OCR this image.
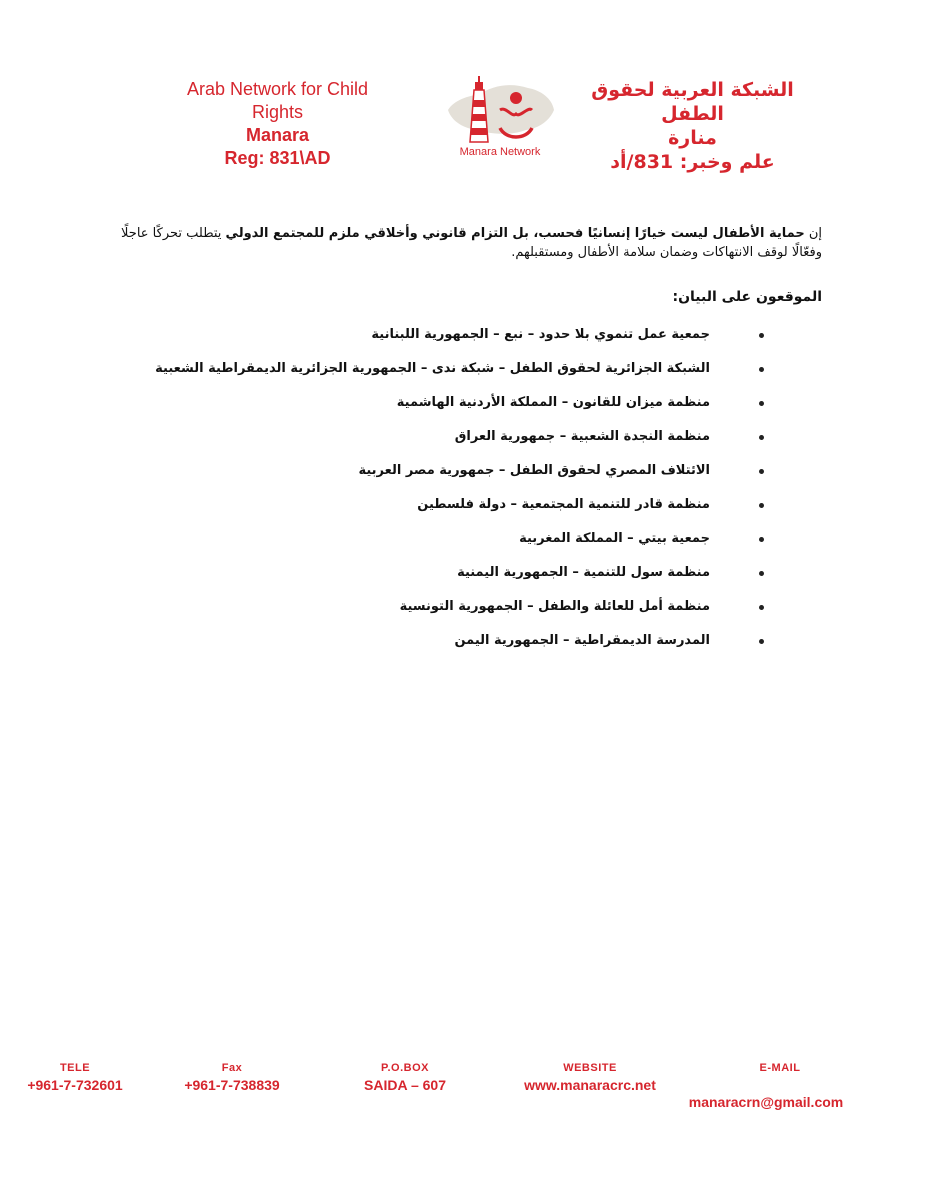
Arab Network for Child
Rights
Manara
Reg: 831\AD	Manara Network
الشبكة العربية لحقوق
الطفل
منارة
علم وخبر: 831/أد
إن حماية الأطفال ليست خيارًا إنسانيًا فحسب، بل التزام قانوني وأخلاقي ملزم للمجتمع الدولي يتطلب تحركًا عاجلًا وفعّالًا لوقف الانتهاكات وضمان سلامة الأطفال ومستقبلهم.
الموقعون على البيان:
جمعية عمل تنموي بلا حدود – نبع – الجمهورية اللبنانية
الشبكة الجزائرية لحقوق الطفل – شبكة ندى – الجمهورية الجزائرية الديمقراطية الشعبية
منظمة ميزان للقانون – المملكة الأردنية الهاشمية
منظمة النجدة الشعبية – جمهورية العراق
الائتلاف المصري لحقوق الطفل – جمهورية مصر العربية
منظمة قادر للتنمية المجتمعية – دولة فلسطين
جمعية بيتي – المملكة المغربية
منظمة سول للتنمية – الجمهورية اليمنية
منظمة أمل للعائلة والطفل – الجمهورية التونسية
المدرسة الديمقراطية – الجمهورية اليمن
TELE
+961-7-732601
Fax
+961-7-738839
P.O.BOX
SAIDA – 607
WEBSITE
www.manaracrc.net
E-MAIL
manaracrn@gmail.com
